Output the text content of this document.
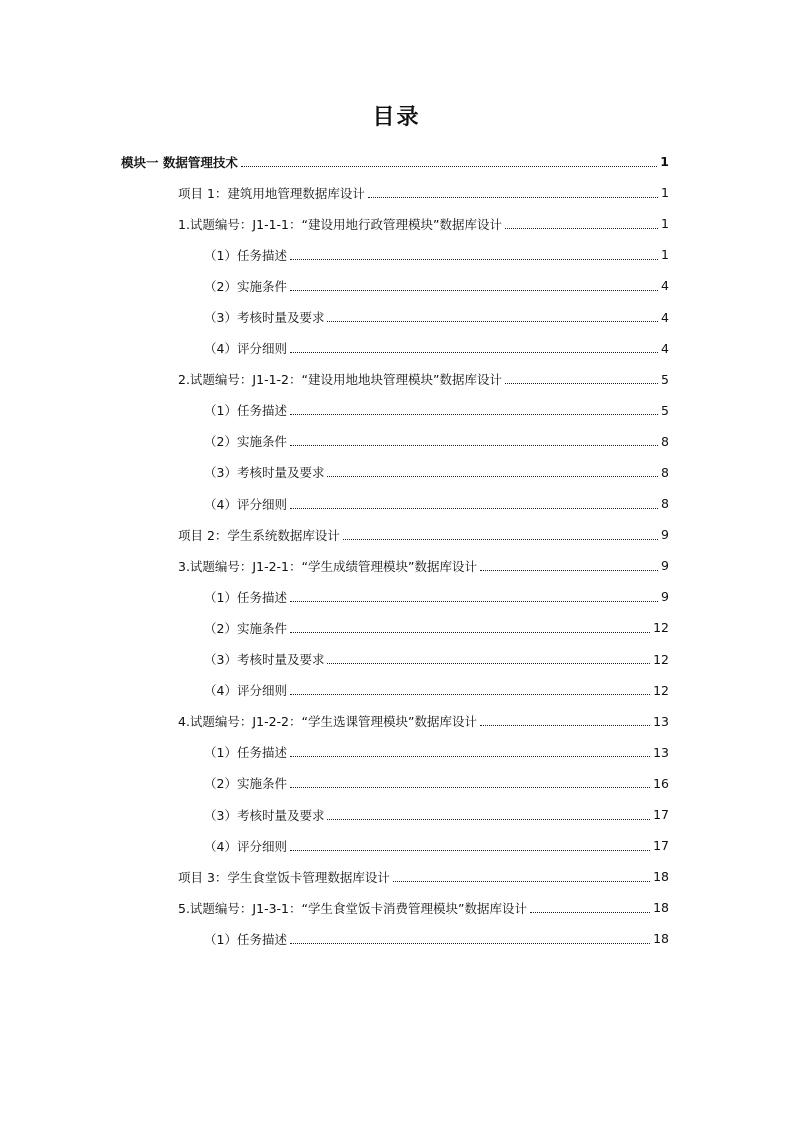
目录
模块一 数据管理技术	1
项目 1：建筑用地管理数据库设计	1
1.试题编号：J1-1-1：“建设用地行政管理模块”数据库设计	1
（1）任务描述	1
（2）实施条件	4
（3）考核时量及要求	4
（4）评分细则	4
2.试题编号：J1-1-2：“建设用地地块管理模块”数据库设计	5
（1）任务描述	5
（2）实施条件	8
（3）考核时量及要求	8
（4）评分细则	8
项目 2：学生系统数据库设计	9
3.试题编号：J1-2-1：“学生成绩管理模块”数据库设计	9
（1）任务描述	9
（2）实施条件	12
（3）考核时量及要求	12
（4）评分细则	12
4.试题编号：J1-2-2：“学生选课管理模块”数据库设计	13
（1）任务描述	13
（2）实施条件	16
（3）考核时量及要求	17
（4）评分细则	17
项目 3：学生食堂饭卡管理数据库设计	18
5.试题编号：J1-3-1：“学生食堂饭卡消费管理模块”数据库设计	18
（1）任务描述	18
